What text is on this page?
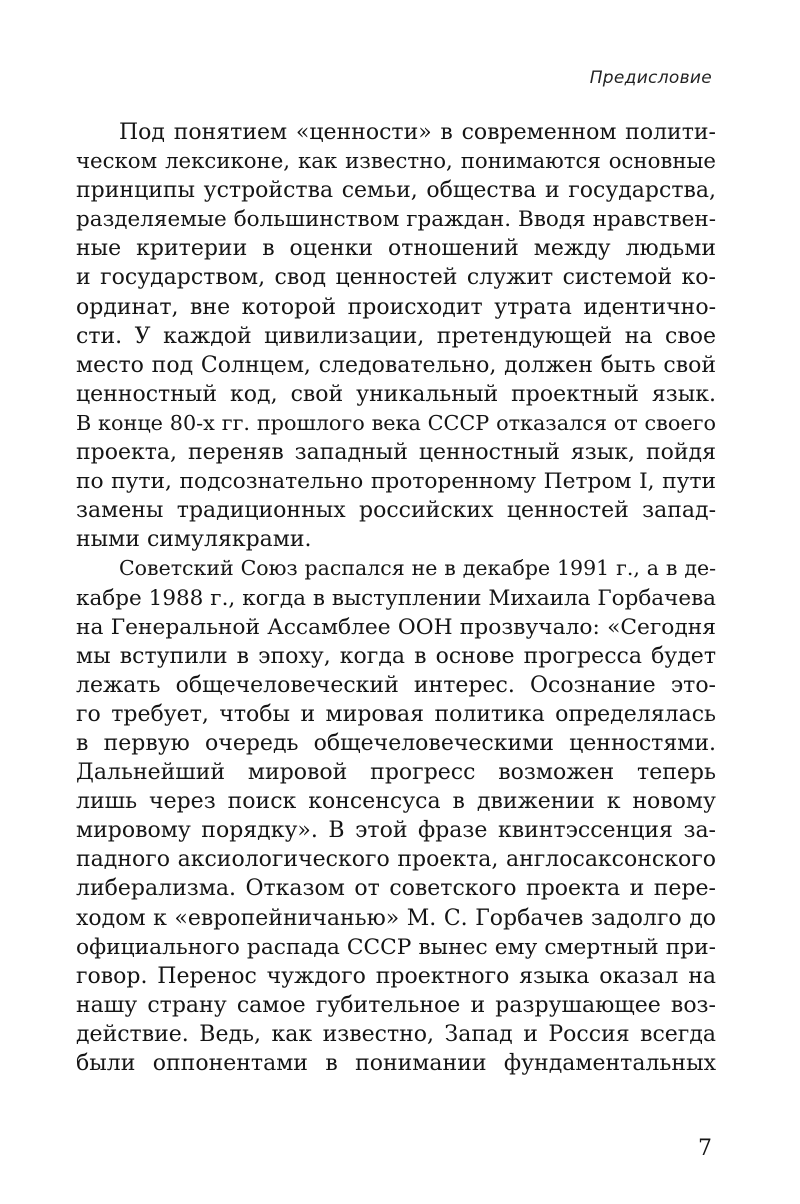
Предисловие
Под понятием «ценности» в современном полити-
ческом лексиконе, как известно, понимаются основные
принципы устройства семьи, общества и государства,
разделяемые большинством граждан. Вводя нравствен-
ные критерии в оценки отношений между людьми
и государством, свод ценностей служит системой ко-
ординат, вне которой происходит утрата идентично-
сти. У каждой цивилизации, претендующей на свое
место под Солнцем, следовательно, должен быть свой
ценностный код, свой уникальный проектный язык.
В конце 80-х гг. прошлого века СССР отказался от своего
проекта, переняв западный ценностный язык, пойдя
по пути, подсознательно проторенному Петром I, пути
замены традиционных российских ценностей запад-
ными симулякрами.
Советский Союз распался не в декабре 1991 г., а в де-
кабре 1988 г., когда в выступлении Михаила Горбачева
на Генеральной Ассамблее ООН прозвучало: «Сегодня
мы вступили в эпоху, когда в основе прогресса будет
лежать общечеловеческий интерес. Осознание это-
го требует, чтобы и мировая политика определялась
в первую очередь общечеловеческими ценностями.
Дальнейший мировой прогресс возможен теперь
лишь через поиск консенсуса в движении к новому
мировому порядку». В этой фразе квинтэссенция за-
падного аксиологического проекта, англосаксонского
либерализма. Отказом от советского проекта и пере-
ходом к «европейничанью» М. С. Горбачев задолго до
официального распада СССР вынес ему смертный при-
говор. Перенос чуждого проектного языка оказал на
нашу страну самое губительное и разрушающее воз-
действие. Ведь, как известно, Запад и Россия всегда
были оппонентами в понимании фундаментальных
7
